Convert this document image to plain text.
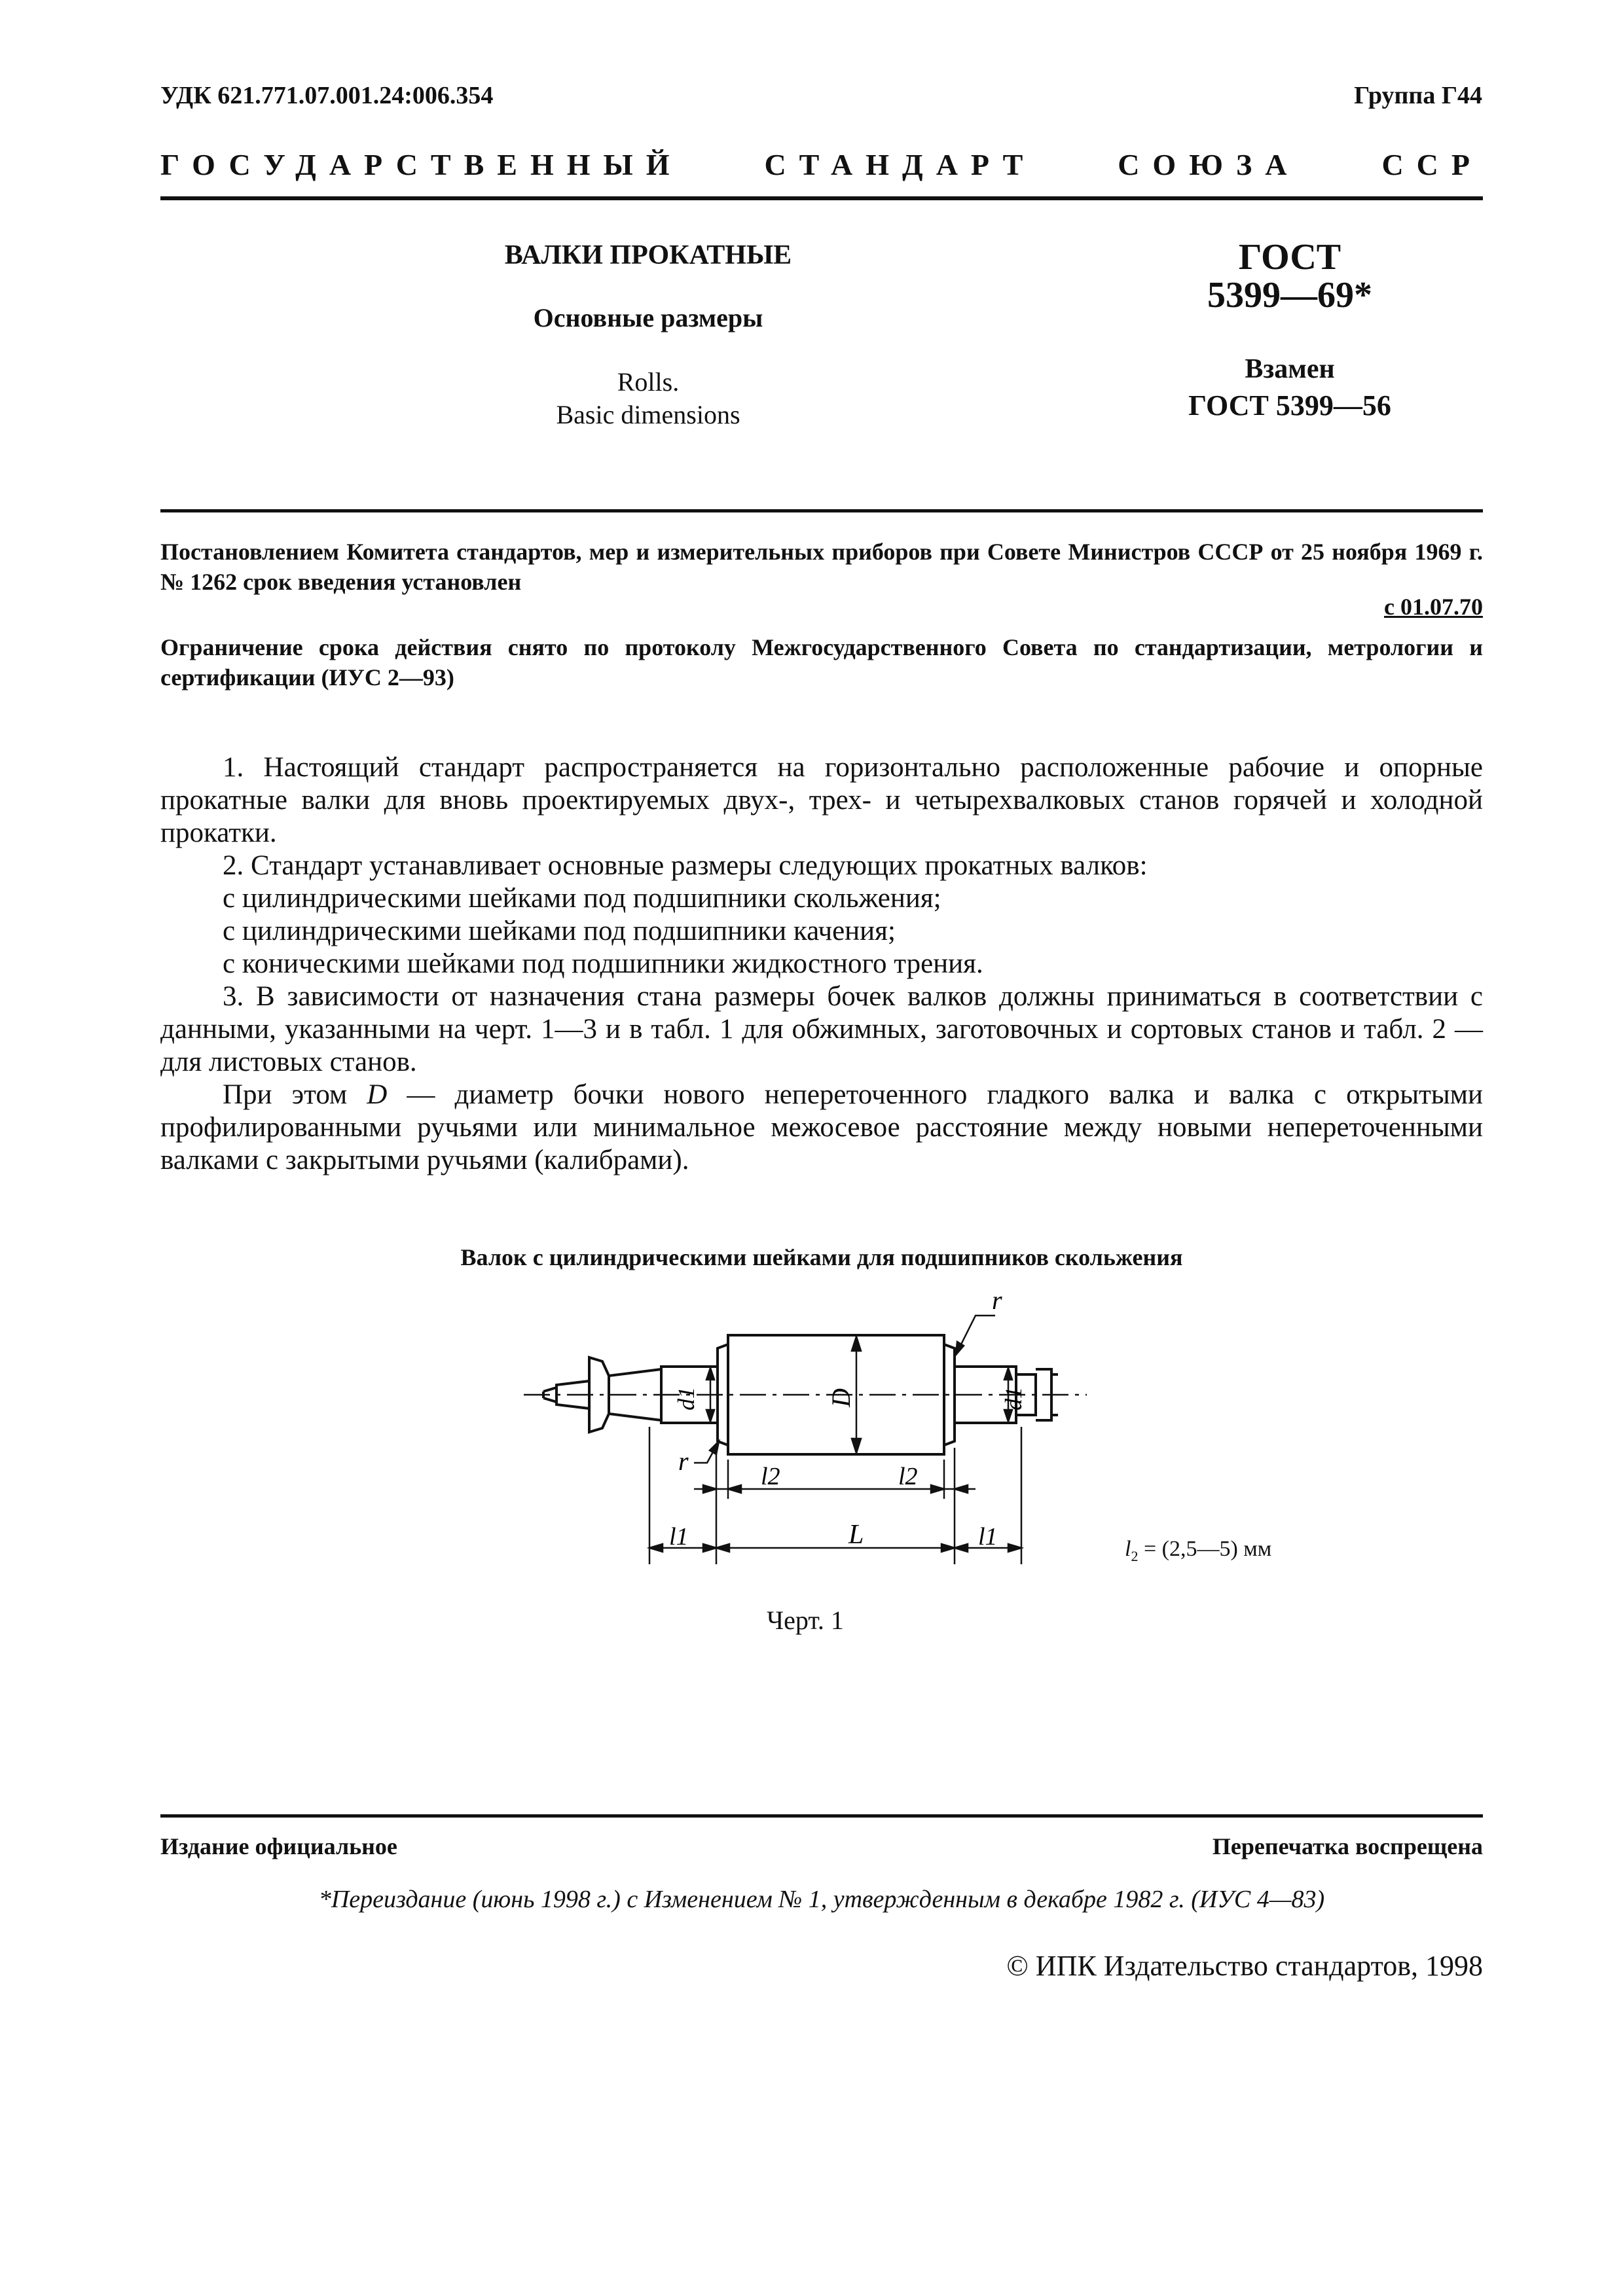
УДК 621.771.07.001.24:006.354	Группа Г44
ГОСУДАРСТВЕННЫЙ	СТАНДАРТ	СОЮЗА	ССР
ВАЛКИ ПРОКАТНЫЕ
Основные размеры
Rolls.
Basic dimensions
ГОСТ
5399—69*
Взамен
ГОСТ 5399—56
Постановлением Комитета стандартов, мер и измерительных приборов при Совете Министров СССР от 25 ноября 1969 г. № 1262 срок введения установлен
с 01.07.70
Ограничение срока действия снято по протоколу Межгосударственного Совета по стандартизации, метрологии и сертификации (ИУС 2—93)
1. Настоящий стандарт распространяется на горизонтально расположенные рабочие и опорные прокатные валки для вновь проектируемых двух-, трех- и четырехвалковых станов горячей и холодной прокатки.
2. Стандарт устанавливает основные размеры следующих прокатных валков:
с цилиндрическими шейками под подшипники скольжения;
с цилиндрическими шейками под подшипники качения;
с коническими шейками под подшипники жидкостного трения.
3. В зависимости от назначения стана размеры бочек валков должны приниматься в соответствии с данными, указанными на черт. 1—3 и в табл. 1 для обжимных, заготовочных и сортовых станов и табл. 2 — для листовых станов.
При этом D — диаметр бочки нового непереточенного гладкого валка и валка с открытыми профилированными ручьями или минимальное межосевое расстояние между новыми непереточенными валками с закрытыми ручьями (калибрами).
Валок с цилиндрическими шейками для подшипников скольжения
D
d1	d1
r
r
l2	l2
l1	L	l1	$l_2$ = (2,5—5) мм
Черт. 1
Издание официальное	Перепечатка воспрещена
*Переиздание (июнь 1998 г.) с Изменением № 1, утвержденным в декабре 1982 г. (ИУС 4—83)
© ИПК Издательство стандартов, 1998
